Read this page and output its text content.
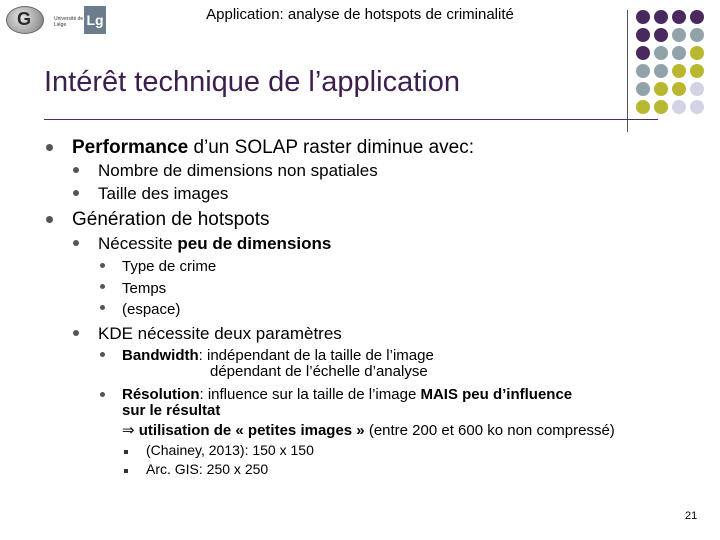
G	Université de Liège	Lg	Application: analyse de hotspots de criminalité
Intérêt technique de l’application
Performance d’un SOLAP raster diminue avec:
Nombre de dimensions non spatiales
Taille des images
Génération de hotspots
Nécessite peu de dimensions
Type de crime
Temps
(espace)
KDE nécessite deux paramètres
Bandwidth: indépendant de la taille de l’image
dépendant de l’échelle d’analyse
Résolution: influence sur la taille de l’image MAIS peu d’influence
sur le résultat
⇒ utilisation de « petites images » (entre 200 et 600 ko non compressé)
(Chainey, 2013): 150 x 150
Arc. GIS: 250 x 250
21
